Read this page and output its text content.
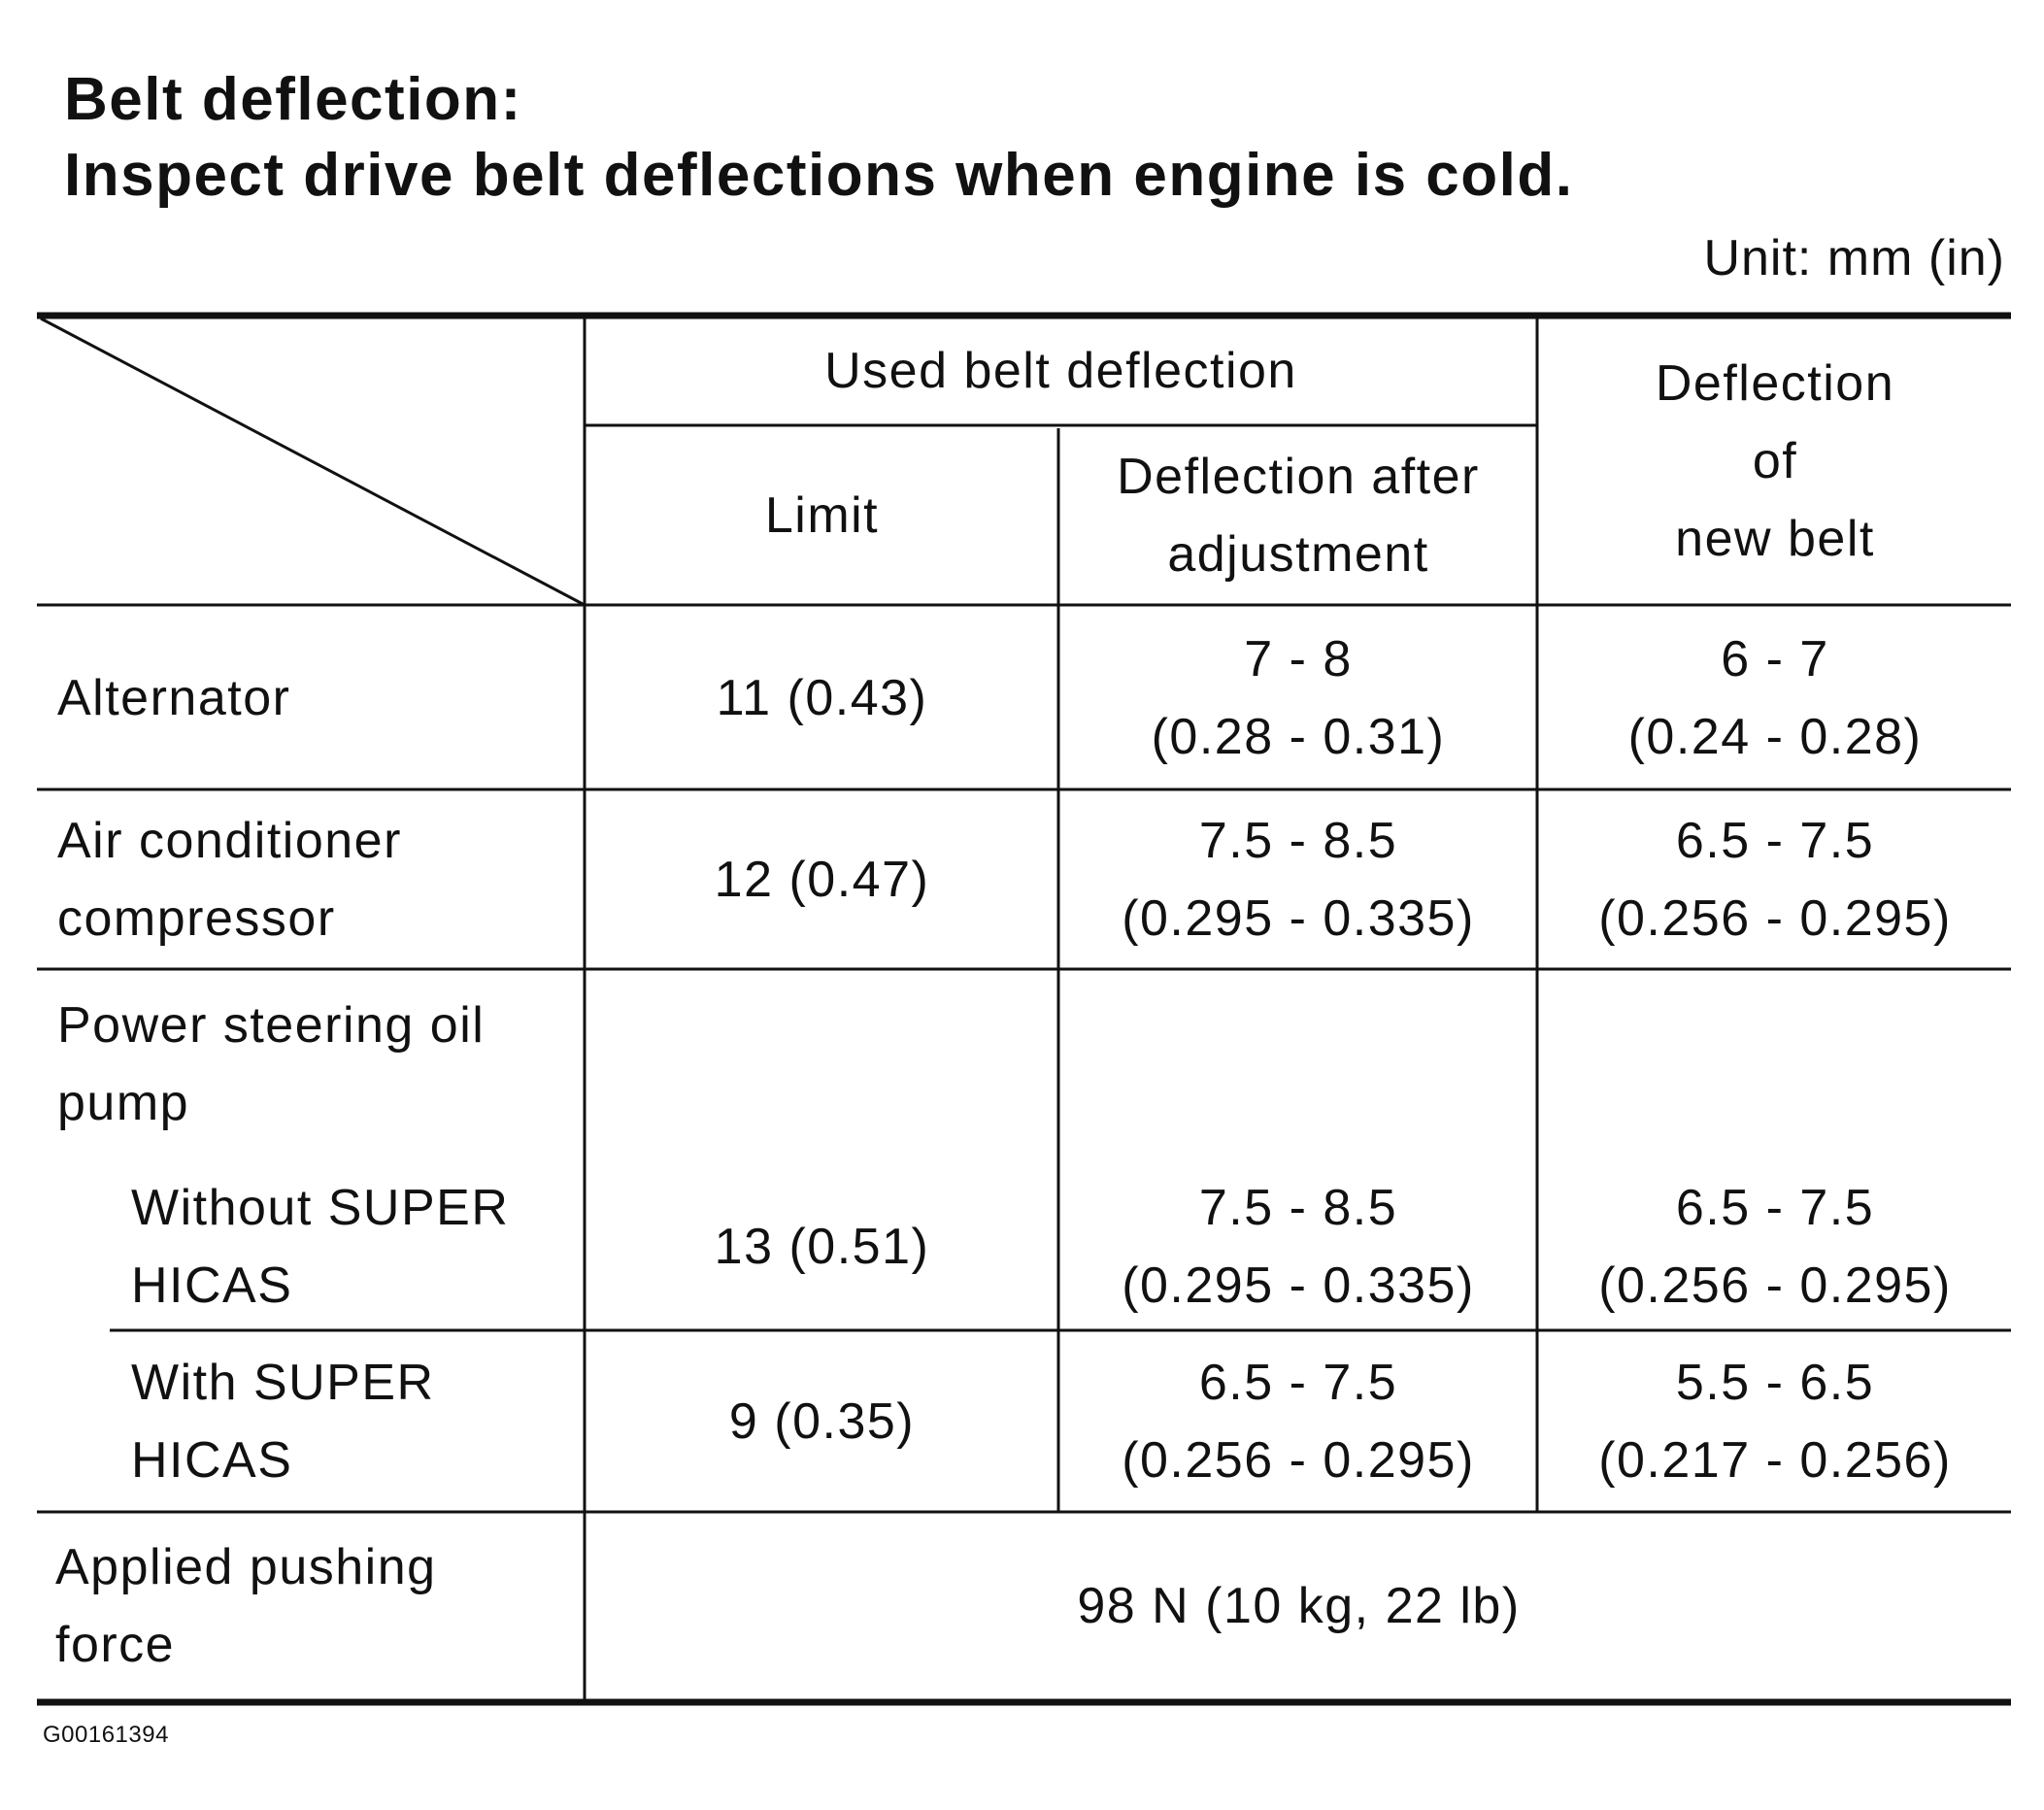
Belt deflection:
Inspect drive belt deflections when engine is cold.
Unit: mm (in)
Used belt deflection
Limit
Deflection after
adjustment
Deflection
of
new belt
Alternator	11 (0.43)
7 - 8
(0.28 - 0.31)
6 - 7
(0.24 - 0.28)
Air conditioner
compressor
12 (0.47)
7.5 - 8.5
(0.295 - 0.335)
6.5 - 7.5
(0.256 - 0.295)
Power steering oil
pump
Without SUPER
HICAS
13 (0.51)
7.5 - 8.5
(0.295 - 0.335)
6.5 - 7.5
(0.256 - 0.295)
With SUPER
HICAS
9 (0.35)
6.5 - 7.5
(0.256 - 0.295)
5.5 - 6.5
(0.217 - 0.256)
Applied pushing
force
98 N (10 kg, 22 lb)
G00161394
